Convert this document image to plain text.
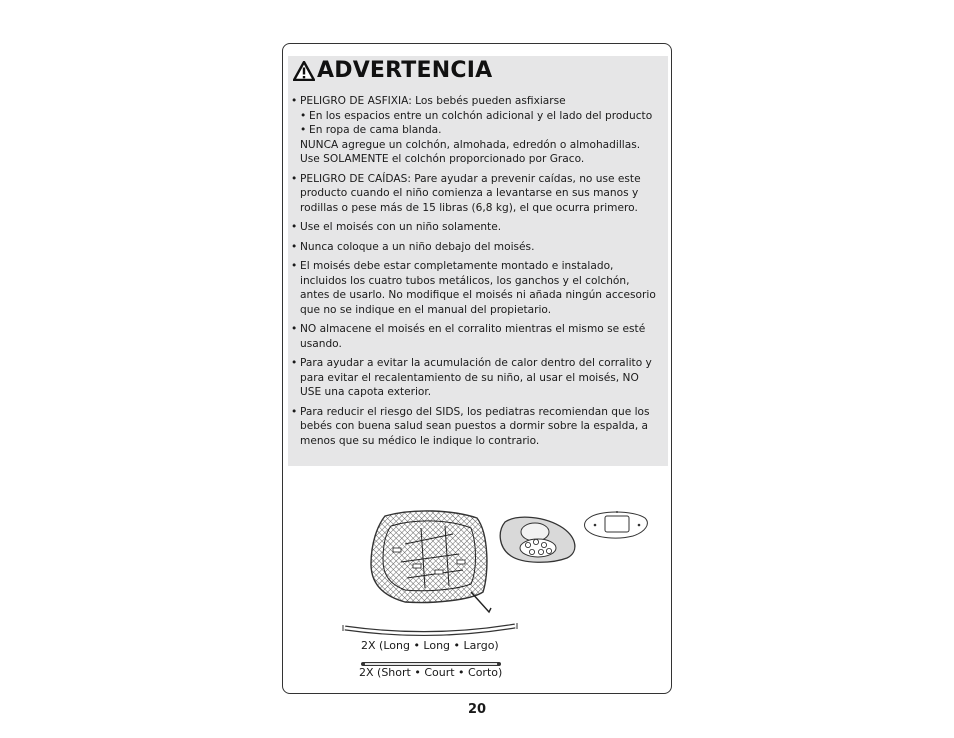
ADVERTENCIA
• PELIGRO DE ASFIXIA: Los bebés pueden asfixiarse
• En los espacios entre un colchón adicional y el lado del producto
• En ropa de cama blanda.
NUNCA agregue un colchón, almohada, edredón o almohadillas. Use SOLAMENTE el colchón proporcionado por Graco.
• PELIGRO DE CAÍDAS: Pare ayudar a prevenir caídas, no use este producto cuando el niño comienza a levantarse en sus manos y rodillas o pese más de 15 libras (6,8 kg), el que ocurra primero.
• Use el moisés con un niño solamente.
• Nunca coloque a un niño debajo del moisés.
• El moisés debe estar completamente montado e instalado, incluidos los cuatro tubos metálicos, los ganchos y el colchón, antes de usarlo. No modifique el moisés ni añada ningún accesorio que no se indique en el manual del propietario.
• NO almacene el moisés en el corralito mientras el mismo se esté usando.
• Para ayudar a evitar la acumulación de calor dentro del corralito y para evitar el recalentamiento de su niño, al usar el moisés, NO USE una capota exterior.
• Para reducir el riesgo del SIDS, los pediatras recomiendan que los bebés con buena salud sean puestos a dormir sobre la espalda, a menos que su médico le indique lo contrario.
2X (Long • Long • Largo)
2X (Short • Court • Corto)
20
